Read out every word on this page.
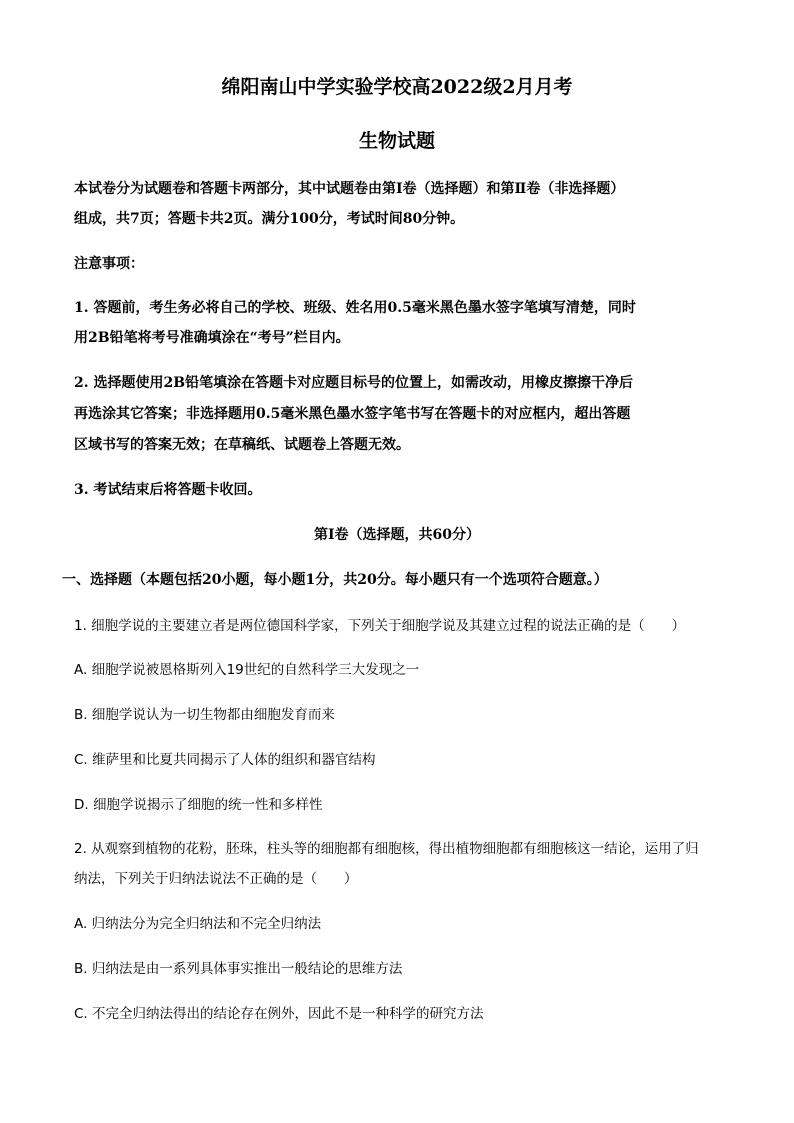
绵阳南山中学实验学校高2022级2月月考
生物试题
本试卷分为试题卷和答题卡两部分，其中试题卷由第Ⅰ卷（选择题）和第Ⅱ卷（非选择题）
组成，共7页；答题卡共2页。满分100分，考试时间80分钟。
注意事项：
1. 答题前，考生务必将自己的学校、班级、姓名用0.5毫米黑色墨水签字笔填写清楚，同时
用2B铅笔将考号准确填涂在“考号”栏目内。
2. 选择题使用2B铅笔填涂在答题卡对应题目标号的位置上，如需改动，用橡皮擦擦干净后
再选涂其它答案；非选择题用0.5毫米黑色墨水签字笔书写在答题卡的对应框内，超出答题
区域书写的答案无效；在草稿纸、试题卷上答题无效。
3. 考试结束后将答题卡收回。
第Ⅰ卷（选择题，共60分）
一、选择题（本题包括20小题，每小题1分，共20分。每小题只有一个选项符合题意。）
1. 细胞学说的主要建立者是两位德国科学家，下列关于细胞学说及其建立过程的说法正确的是（　　）
A. 细胞学说被恩格斯列入19世纪的自然科学三大发现之一
B. 细胞学说认为一切生物都由细胞发育而来
C. 维萨里和比夏共同揭示了人体的组织和器官结构
D. 细胞学说揭示了细胞的统一性和多样性
2. 从观察到植物的花粉，胚珠，柱头等的细胞都有细胞核，得出植物细胞都有细胞核这一结论，运用了归
纳法，下列关于归纳法说法不正确的是（　　）
A. 归纳法分为完全归纳法和不完全归纳法
B. 归纳法是由一系列具体事实推出一般结论的思维方法
C. 不完全归纳法得出的结论存在例外，因此不是一种科学的研究方法
